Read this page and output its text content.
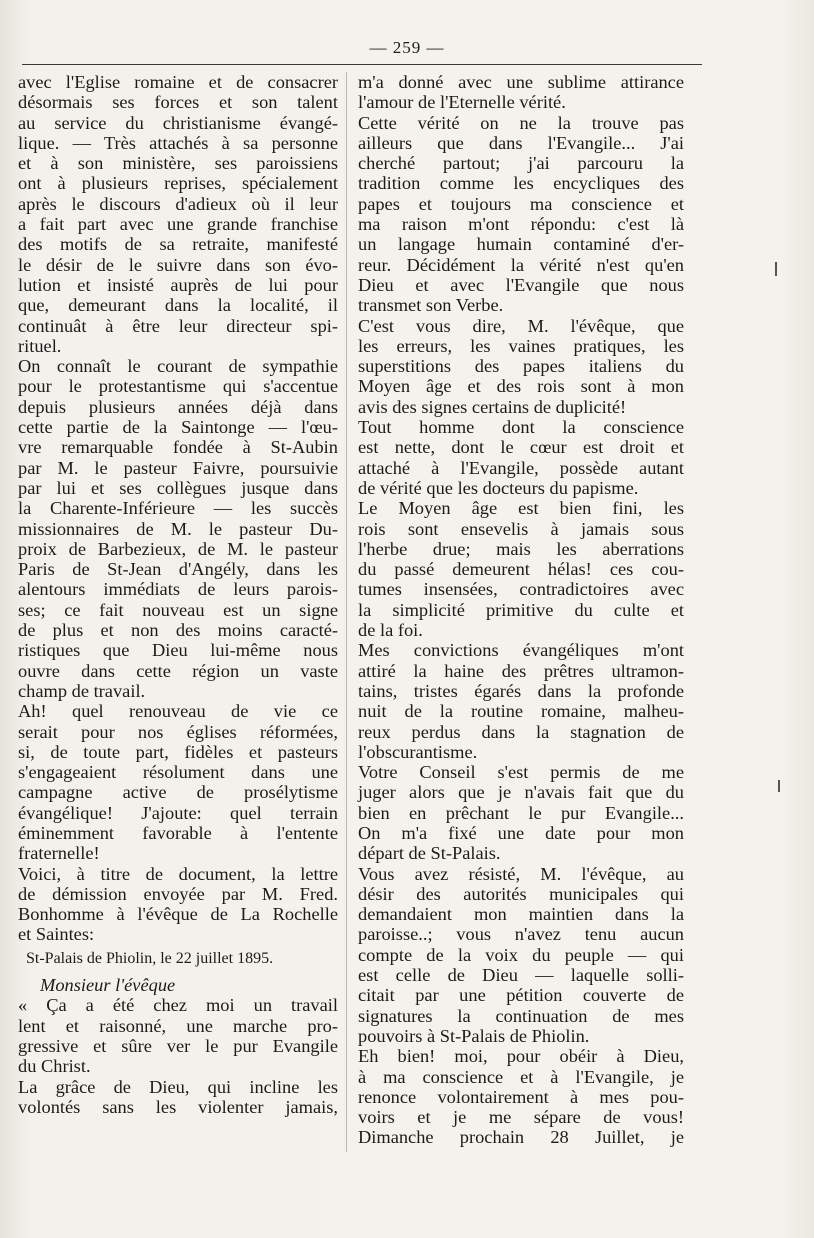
— 259 —
avec l'Eglise romaine et de consacrer
désormais ses forces et son talent
au service du christianisme évangé-
lique. — Très attachés à sa personne
et à son ministère, ses paroissiens
ont à plusieurs reprises, spécialement
après le discours d'adieux où il leur
a fait part avec une grande franchise
des motifs de sa retraite, manifesté
le désir de le suivre dans son évo-
lution et insisté auprès de lui pour
que, demeurant dans la localité, il
continuât à être leur directeur spi-
rituel.
On connaît le courant de sympathie
pour le protestantisme qui s'accentue
depuis plusieurs années déjà dans
cette partie de la Saintonge — l'œu-
vre remarquable fondée à St-Aubin
par M. le pasteur Faivre, poursuivie
par lui et ses collègues jusque dans
la Charente-Inférieure — les succès
missionnaires de M. le pasteur Du-
proix de Barbezieux, de M. le pasteur
Paris de St-Jean d'Angély, dans les
alentours immédiats de leurs parois-
ses; ce fait nouveau est un signe
de plus et non des moins caracté-
ristiques que Dieu lui-même nous
ouvre dans cette région un vaste
champ de travail.
Ah! quel renouveau de vie ce
serait pour nos églises réformées,
si, de toute part, fidèles et pasteurs
s'engageaient résolument dans une
campagne active de prosélytisme
évangélique! J'ajoute: quel terrain
éminemment favorable à l'entente
fraternelle!
Voici, à titre de document, la lettre
de démission envoyée par M. Fred.
Bonhomme à l'évêque de La Rochelle
et Saintes:
St-Palais de Phiolin, le 22 juillet 1895.
Monsieur l'évêque
« Ça a été chez moi un travail
lent et raisonné, une marche pro-
gressive et sûre ver le pur Evangile
du Christ.
La grâce de Dieu, qui incline les
volontés sans les violenter jamais,
m'a donné avec une sublime attirance
l'amour de l'Eternelle vérité.
Cette vérité on ne la trouve pas
ailleurs que dans l'Evangile... J'ai
cherché partout; j'ai parcouru la
tradition comme les encycliques des
papes et toujours ma conscience et
ma raison m'ont répondu: c'est là
un langage humain contaminé d'er-
reur. Décidément la vérité n'est qu'en
Dieu et avec l'Evangile que nous
transmet son Verbe.
C'est vous dire, M. l'évêque, que
les erreurs, les vaines pratiques, les
superstitions des papes italiens du
Moyen âge et des rois sont à mon
avis des signes certains de duplicité!
Tout homme dont la conscience
est nette, dont le cœur est droit et
attaché à l'Evangile, possède autant
de vérité que les docteurs du papisme.
Le Moyen âge est bien fini, les
rois sont ensevelis à jamais sous
l'herbe drue; mais les aberrations
du passé demeurent hélas! ces cou-
tumes insensées, contradictoires avec
la simplicité primitive du culte et
de la foi.
Mes convictions évangéliques m'ont
attiré la haine des prêtres ultramon-
tains, tristes égarés dans la profonde
nuit de la routine romaine, malheu-
reux perdus dans la stagnation de
l'obscurantisme.
Votre Conseil s'est permis de me
juger alors que je n'avais fait que du
bien en prêchant le pur Evangile...
On m'a fixé une date pour mon
départ de St-Palais.
Vous avez résisté, M. l'évêque, au
désir des autorités municipales qui
demandaient mon maintien dans la
paroisse..; vous n'avez tenu aucun
compte de la voix du peuple — qui
est celle de Dieu — laquelle solli-
citait par une pétition couverte de
signatures la continuation de mes
pouvoirs à St-Palais de Phiolin.
Eh bien! moi, pour obéir à Dieu,
à ma conscience et à l'Evangile, je
renonce volontairement à mes pou-
voirs et je me sépare de vous!
Dimanche prochain 28 Juillet, je
